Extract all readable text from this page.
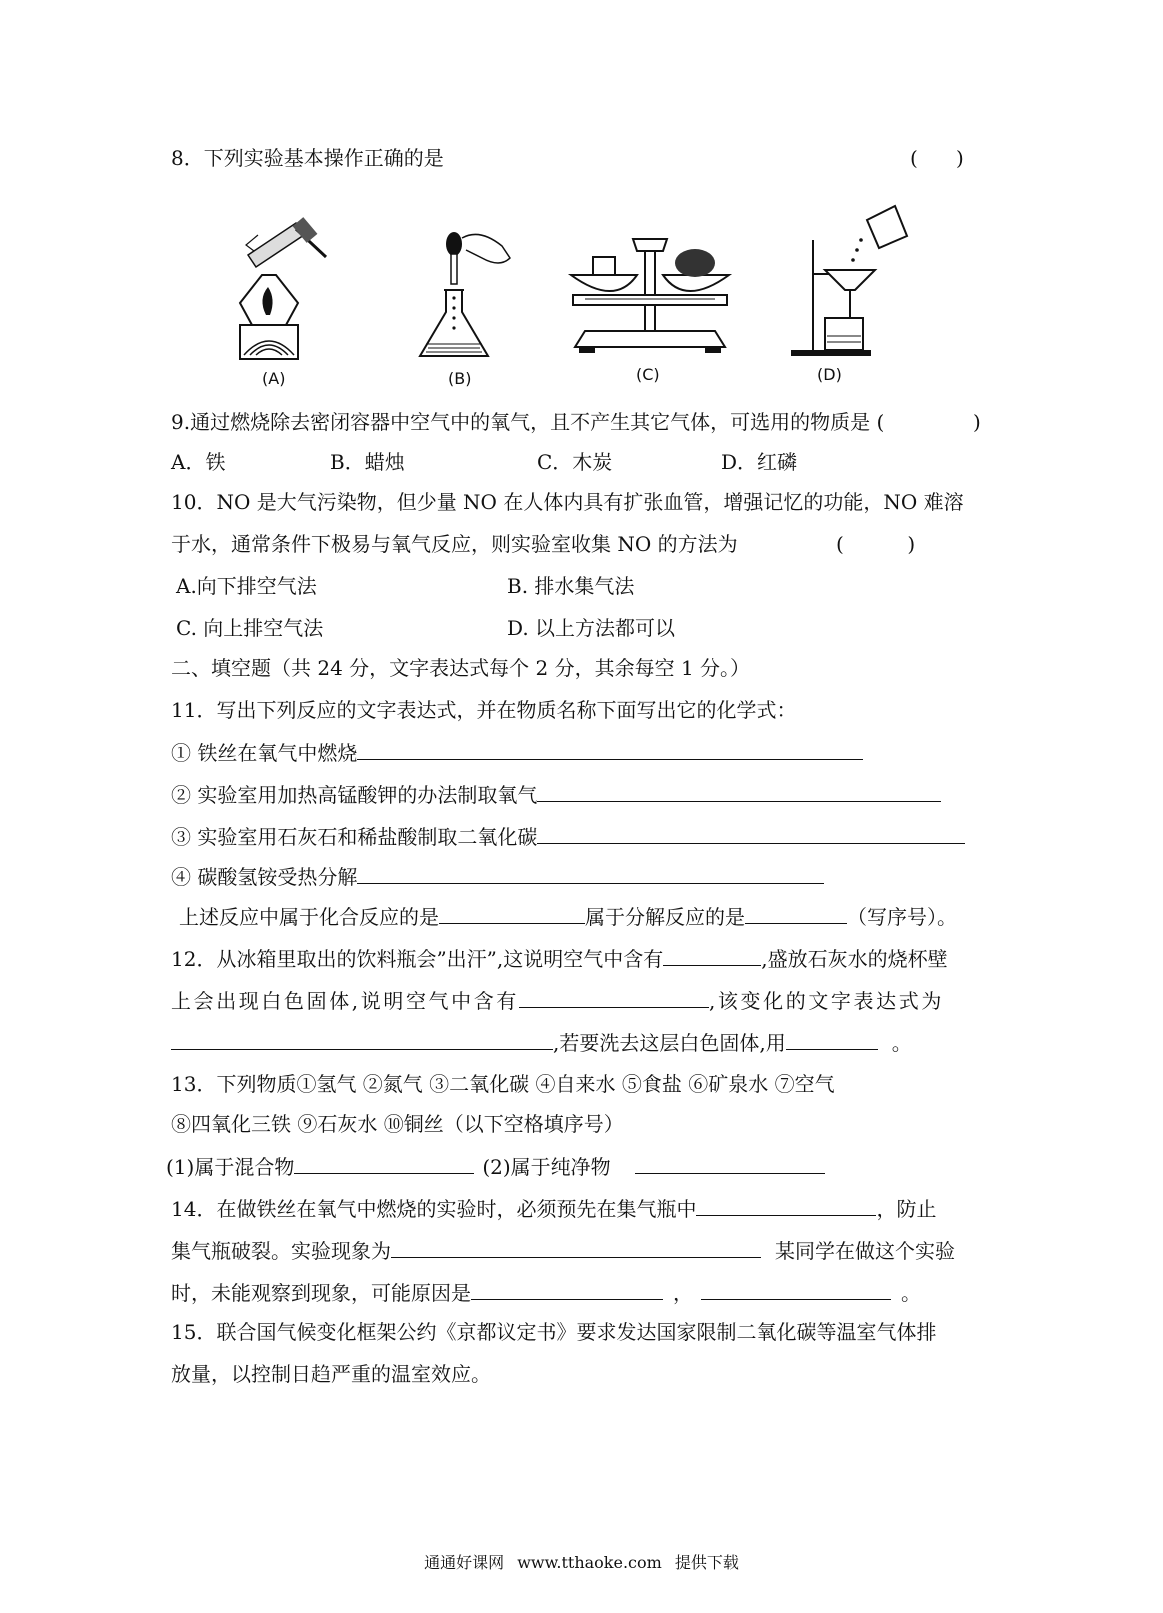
8．下列实验基本操作正确的是	(      )
(A)	(B)	(C)	(D)
9.通过燃烧除去密闭容器中空气中的氧气，且不产生其它气体，可选用的物质是 (	)
A．铁	B．蜡烛	C．木炭	D．红磷
10．NO 是大气污染物，但少量 NO 在人体内具有扩张血管，增强记忆的功能，NO 难溶
于水，通常条件下极易与氧气反应，则实验室收集 NO 的方法为	(          )
A.向下排空气法	B. 排水集气法
C. 向上排空气法	D. 以上方法都可以
二、填空题（共 24 分，文字表达式每个 2 分，其余每空 1 分。）
11．写出下列反应的文字表达式，并在物质名称下面写出它的化学式：
① 铁丝在氧气中燃烧
② 实验室用加热高锰酸钾的办法制取氧气
③ 实验室用石灰石和稀盐酸制取二氧化碳
④ 碳酸氢铵受热分解
上述反应中属于化合反应的是	属于分解反应的是	（写序号）。
12．从冰箱里取出的饮料瓶会”出汗”,这说明空气中含有	,盛放石灰水的烧杯壁
上会出现白色固体,说明空气中含有	,该变化的文字表达式为
,若要洗去这层白色固体,用	。
13．下列物质①氢气 ②氮气 ③二氧化碳 ④自来水 ⑤食盐 ⑥矿泉水 ⑦空气
⑧四氧化三铁 ⑨石灰水 ⑩铜丝（以下空格填序号）
(1)属于混合物	(2)属于纯净物
14．在做铁丝在氧气中燃烧的实验时，必须预先在集气瓶中	，防止
集气瓶破裂。实验现象为	某同学在做这个实验
时，未能观察到现象，可能原因是	，	。
15．联合国气候变化框架公约《京都议定书》要求发达国家限制二氧化碳等温室气体排
放量，以控制日趋严重的温室效应。
通通好课网 www.tthaoke.com 提供下载
